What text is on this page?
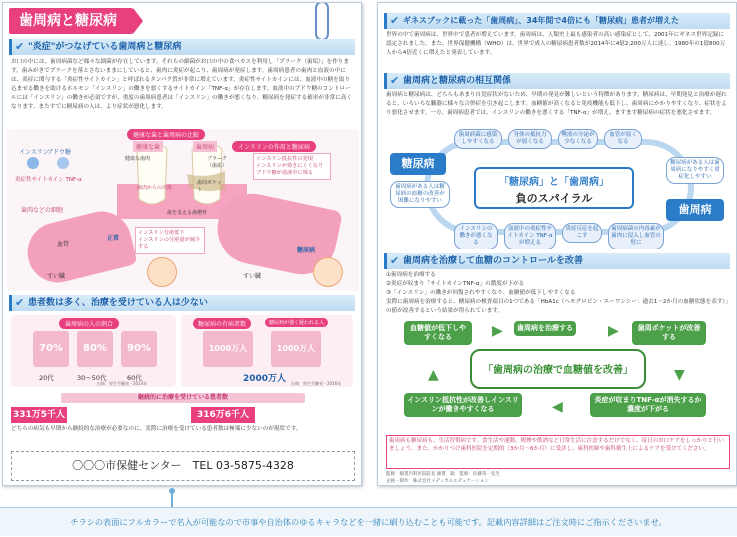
歯周病と糖尿病
✔ "炎症"がつなげている歯周病と糖尿病
お口の中には、歯周病菌など様々な細菌が存在しています。それらの細菌がお口の中の食べカスを利用し「プラーク（歯垢）」を作ります。歯みがきでプラークを落とさないままにしていると、歯肉に炎症が起こり、歯周病が発症します。歯周病患者の歯肉と血液の中には、炎症に関与する「炎症性サイトカイン」と呼ばれるタンパク質が非常に増えています。炎症性サイトカインには、血液中の糖を取り込ませる働きを助けるホルモン「インスリン」の働きを悪くするサイトカイン「TNF-α」が存在します。血液中のブドウ糖のコントロールには「インスリン」の働きが必須ですが、重度の歯周病患者は「インスリン」の働きが悪くなり、糖尿病を発症する確率が非常に高くなります。またすでに糖尿病の人は、より症状が悪化します。
健康な歯と歯周病の比較
インスリンの作用と糖尿病
インスリン
ブドウ糖
炎症性サイトカイン TNF-α
歯肉などの細胞
健康な歯	歯周病
健康な歯肉	プラーク（歯垢）
歯周ポケット
歯を支える歯槽骨
歯肉からの出血
インスリン抵抗性の発現
インスリンが効きにくくなりブドウ糖が血液中に残る
インスリン分泌低下
インスリンの分泌量が減少する
正常
糖尿病
血管
すい臓	すい臓
✔ 患者数は多く、治療を受けている人は少ない
歯周病の人の割合
70%	80%	90%
20代	30〜50代	60代
出典：厚生労働省・2014年
糖尿病の有病者数	糖尿病が強く疑われる人
1000万人	1000万人
2000万人 出典：厚生労働省・2016年
継続的に治療を受けている患者数
331万5千人	316万6千人
どちらの病気も早期から継続的な治療が必要なのに、実際に治療を受けている患者数は極端に少ないのが現状です。
〇〇〇市保健センター　TEL 03-5875-4328
✔ ギネスブックに載った「歯周病」、34年間で4倍にも「糖尿病」患者が増えた
世界の中で歯周病は、世界中で患者が増えています。歯周病は、人類史上最も感染者の高い感染症として、2001年にギネス世界記録に認定されました。また、世界保健機構（WHO）は、世界で成人の糖尿病患者数が2014年に4億2,200万人に達し、1980年の1億800万人から4倍近くに増えたと発表しています。
✔ 歯周病と糖尿病の相互関係
歯周病と糖尿病は、どちらもあまり自覚症状がないため、早期の発見が難しいという特徴があります。糖尿病は、早期発見と治療が遅れると、いろいろな臓器に様々な合併症を引き起こします。血糖値が高くなると免疫機能も低下し、歯周病にかかりやすくなり、症状をより悪化させます。一方、歯周病患者では、インスリンの働きを悪くする「TNF-α」が増え、ますます糖尿病の症状を悪化させます。
歯周病菌に感染しやすくなる
身体の抵抗力が弱くなる
唾液の分泌が少なくなる
血管が弱くなる
糖尿病
歯周病
糖尿病がある人は歯周病になりやすく重症化しやすい
歯周病がある人は糖尿病の血糖の改善が困難になりやすい
「糖尿病」と「歯周病」
負のスパイラル
インスリンの働きが悪くなる
血液中の炎症性サイトカイン TNF-αが増える
炎症反応を起こす
歯周病菌の内毒素が歯肉に侵入し血管の壁に
✔ 歯周病を治療して血糖のコントロールを改善
①歯周病を治療する
②炎症が収まり「サイトカインTNF-α」の濃度が下がる
③「インスリン」の働きが回復されやすくなり、血糖値が低下しやすくなる
実際に歯周病を治療すると、糖尿病の検査項目の1つである「HbA1c（ヘモグロビン・エーワンシー：過去1〜2か月の血糖状態を表す）」の値が改善するという結果が得られています。
「歯周病の治療で血糖値を改善」
血糖値が低下しやすくなる
歯周病を治療する	歯周ポケットが改善する
炎症が収まりTNF-αが消失するか濃度が下がる
インスリン抵抗性が改善しインスリンが働きやすくなる
▶	▶
▼
◀
▲
歯周病も糖尿病も、生活習慣病です。食生活や運動、喫煙や飲酒など日常生活に注意するだけでなく、毎日のお口ケアをしっかりと行いましょう。また、かかりつけ歯科医院を定期的（3か月〜6か月）に受診し、歯科医師や歯科衛生士によるケアを受けてください。
監修：綿貫内科医院院長 綿貫　聡　監修：佐藤英一先生
企画・制作：株式会社メディカルエデュケーション
チラシの表面にフルカラーで名入が可能なので市事や自治体のゆるキャラなどを一緒に刷り込むことも可能です。記載内容詳細はご注文時にご指示くださいませ。
